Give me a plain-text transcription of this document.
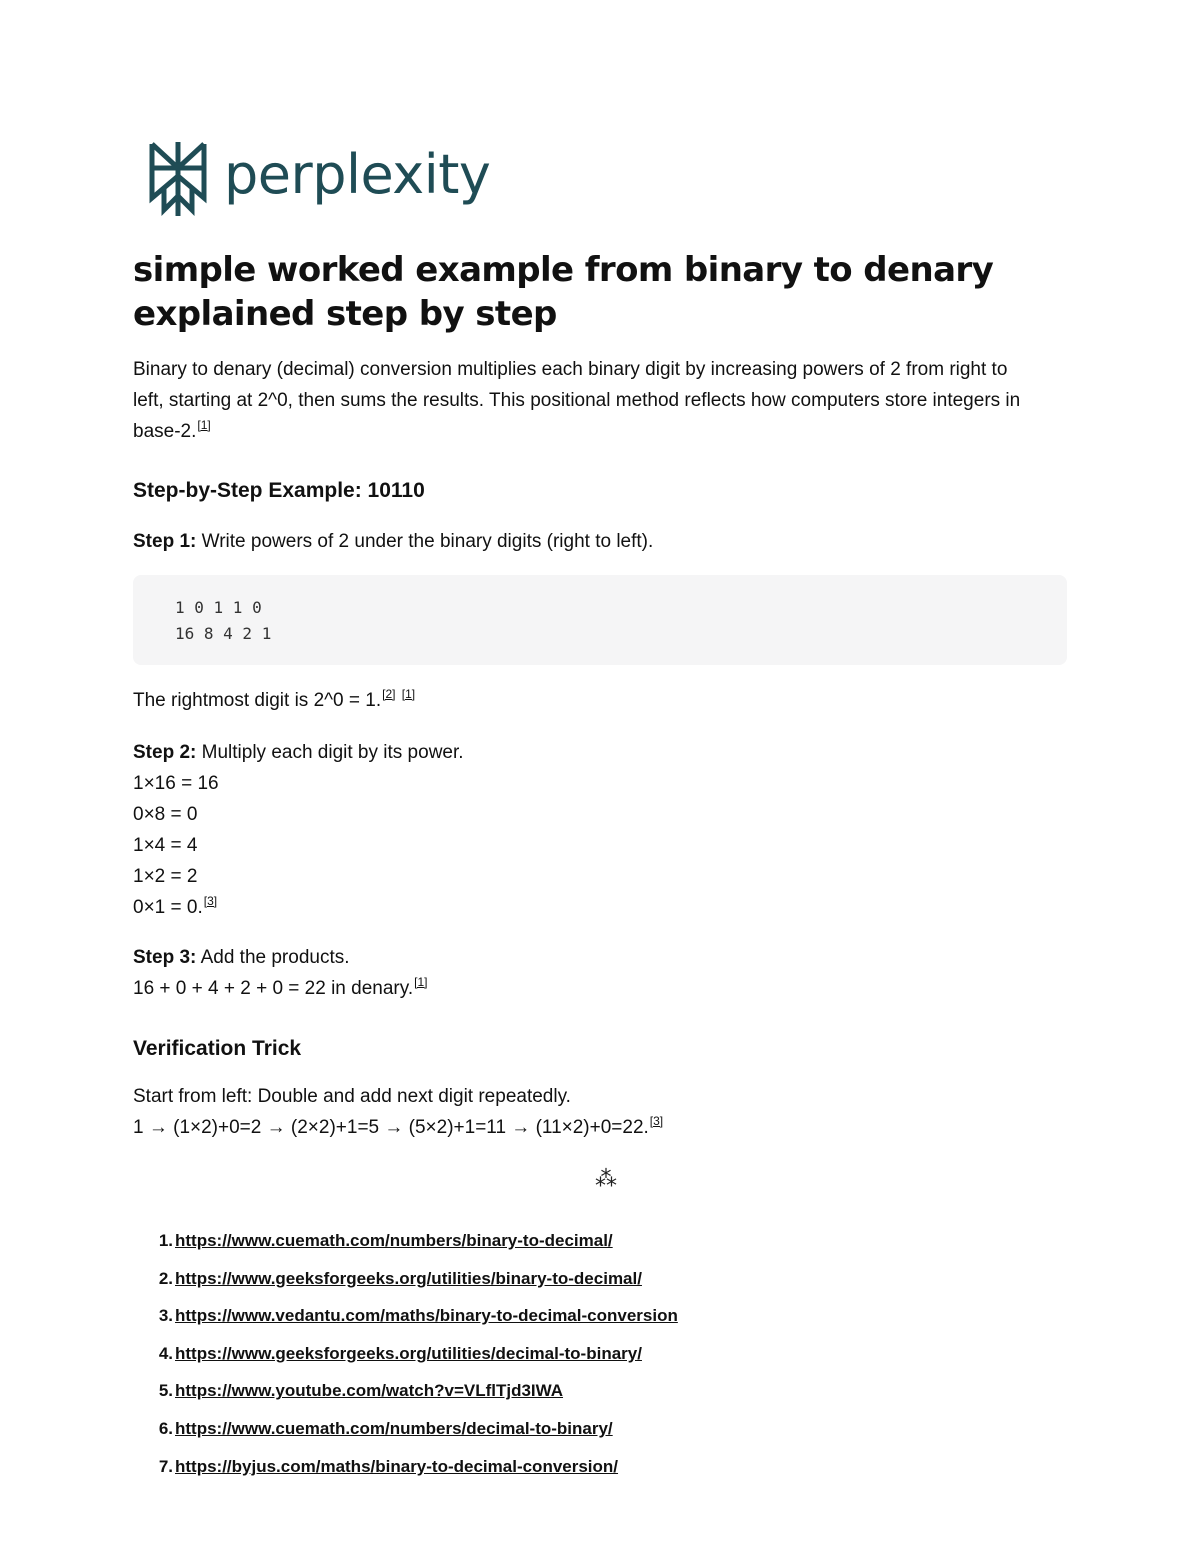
perplexity
simple worked example from binary to denary explained step by step

Binary to denary (decimal) conversion multiplies each binary digit by increasing powers of 2 from right to left, starting at 2^0, then sums the results. This positional method reflects how computers store integers in base-2.[1]

Step-by-Step Example: 10110

Step 1: Write powers of 2 under the binary digits (right to left).

1 0 1 1 0
16 8 4 2 1

The rightmost digit is 2^0 = 1.[2] [1]

Step 2: Multiply each digit by its power.
1×16 = 16
0×8 = 0
1×4 = 4
1×2 = 2
0×1 = 0.[3]
Step 3: Add the products.
16 + 0 + 4 + 2 + 0 = 22 in denary.[1]
Verification Trick
Start from left: Double and add next digit repeatedly.
1 → (1×2)+0=2 → (2×2)+1=5 → (5×2)+1=11 → (11×2)+0=22.[3]
⁂
1. https://www.cuemath.com/numbers/binary-to-decimal/
2. https://www.geeksforgeeks.org/utilities/binary-to-decimal/
3. https://www.vedantu.com/maths/binary-to-decimal-conversion
4. https://www.geeksforgeeks.org/utilities/decimal-to-binary/
5. https://www.youtube.com/watch?v=VLflTjd3IWA
6. https://www.cuemath.com/numbers/decimal-to-binary/
7. https://byjus.com/maths/binary-to-decimal-conversion/
